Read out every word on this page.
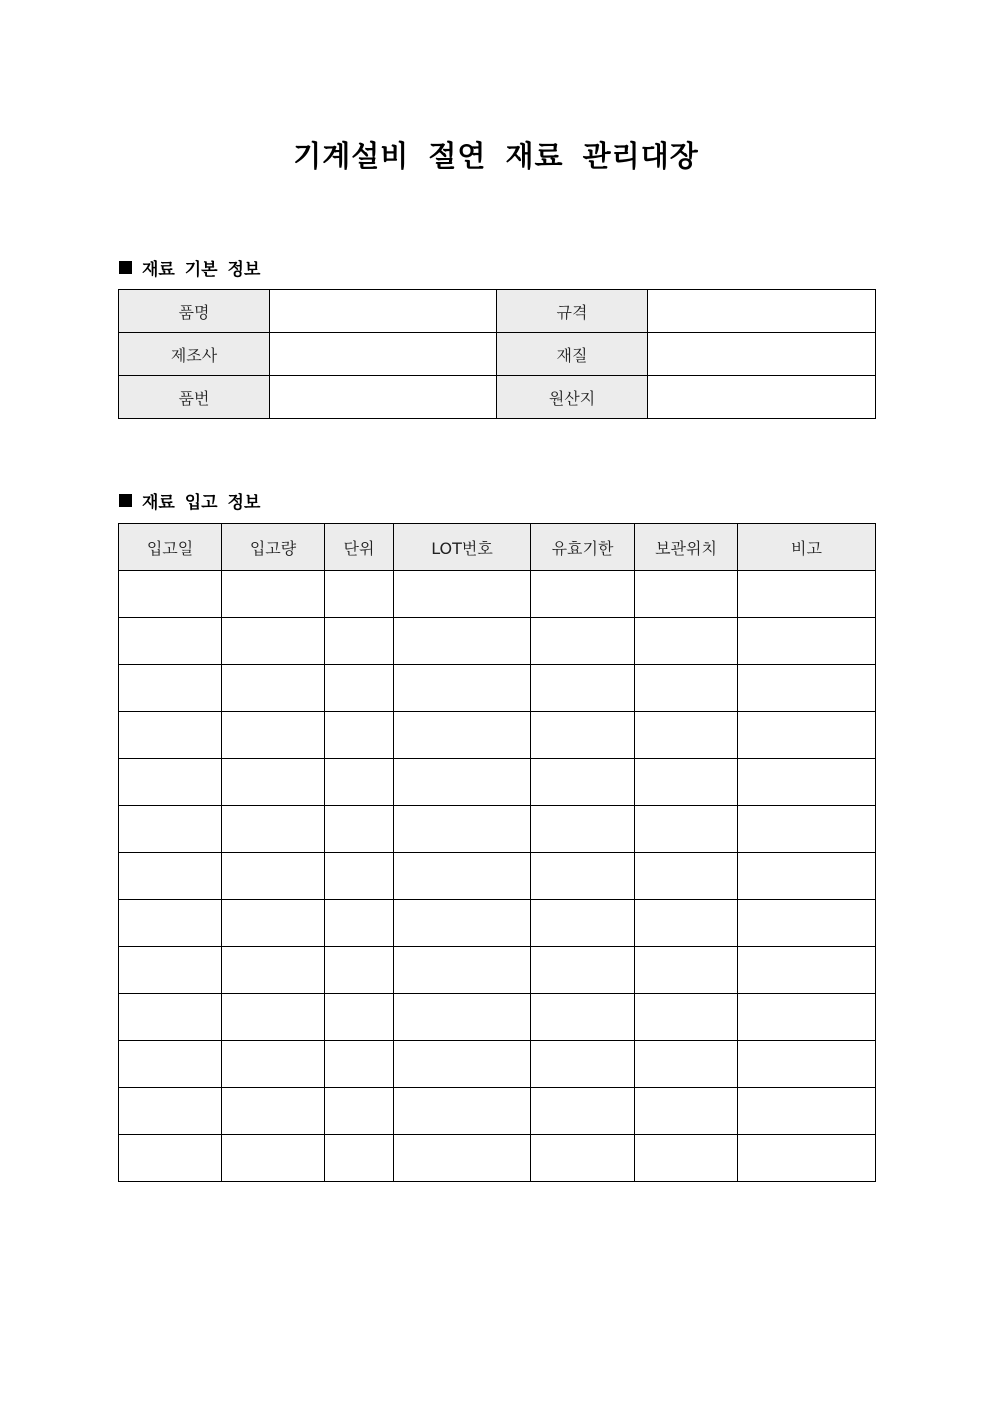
기계설비 절연 재료 관리대장
재료 기본 정보
품명		규격	
제조사		재질	
품번		원산지	
재료 입고 정보
입고일	입고량	단위	LOT번호	유효기한	보관위치	비고
